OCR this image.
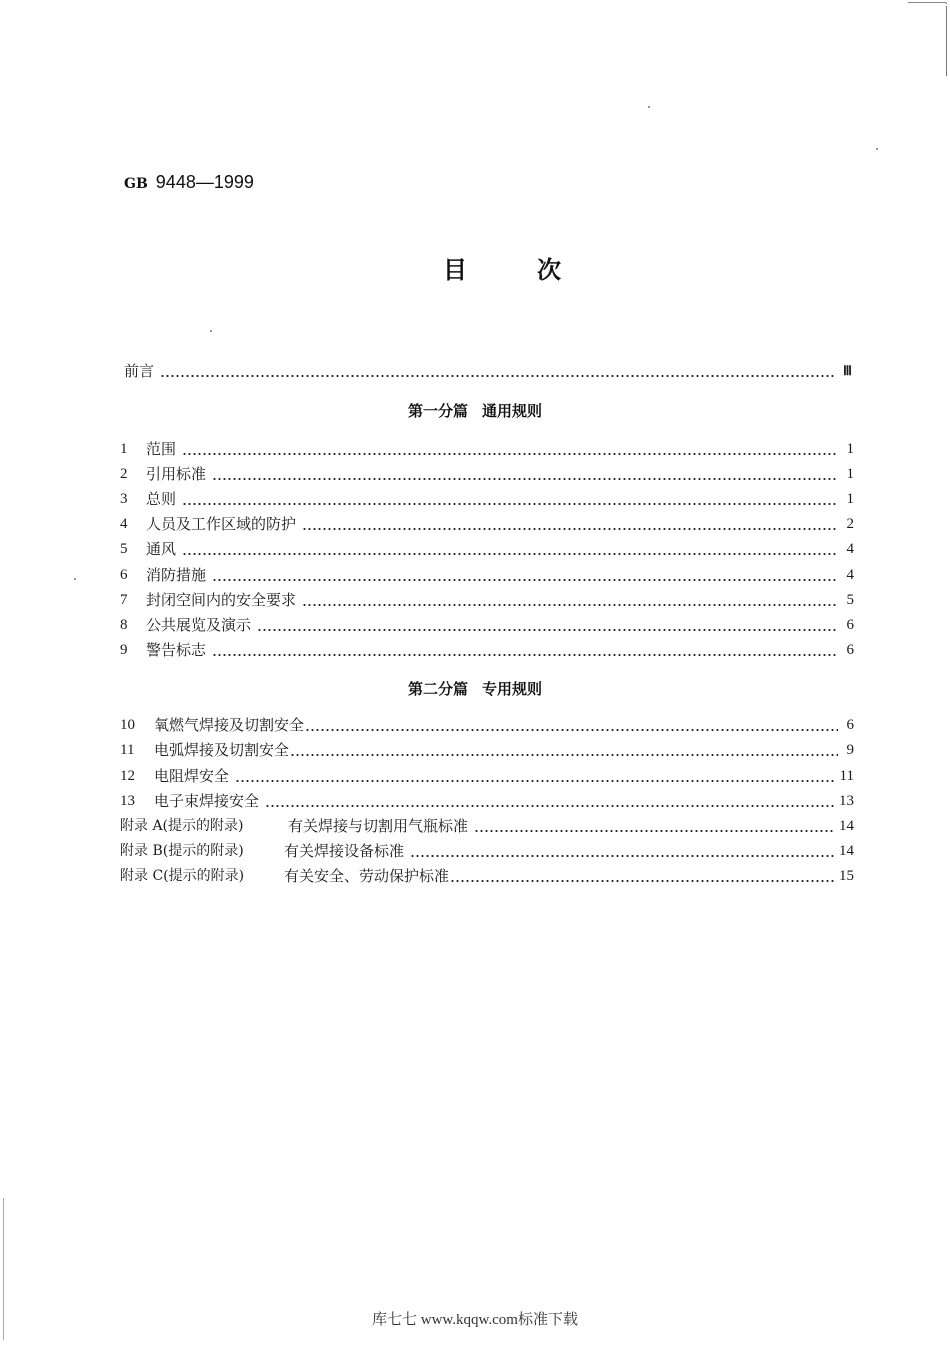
GB 9448—1999
目次
前言	Ⅲ
第一分篇 通用规则
1	范围	1
2	引用标准	1
3	总则	1
4	人员及工作区域的防护	2
5	通风	4
6	消防措施	4
7	封闭空间内的安全要求	5
8	公共展览及演示	6
9	警告标志	6
第二分篇 专用规则
10	氧燃气焊接及切割安全	6
11	电弧焊接及切割安全	9
12	电阻焊安全	11
13	电子束焊接安全	13
附录 A(提示的附录)	有关焊接与切割用气瓶标准	14
附录 B(提示的附录)	有关焊接设备标准	14
附录 C(提示的附录)	有关安全、劳动保护标准	15
库七七 www.kqqw.com标准下载
